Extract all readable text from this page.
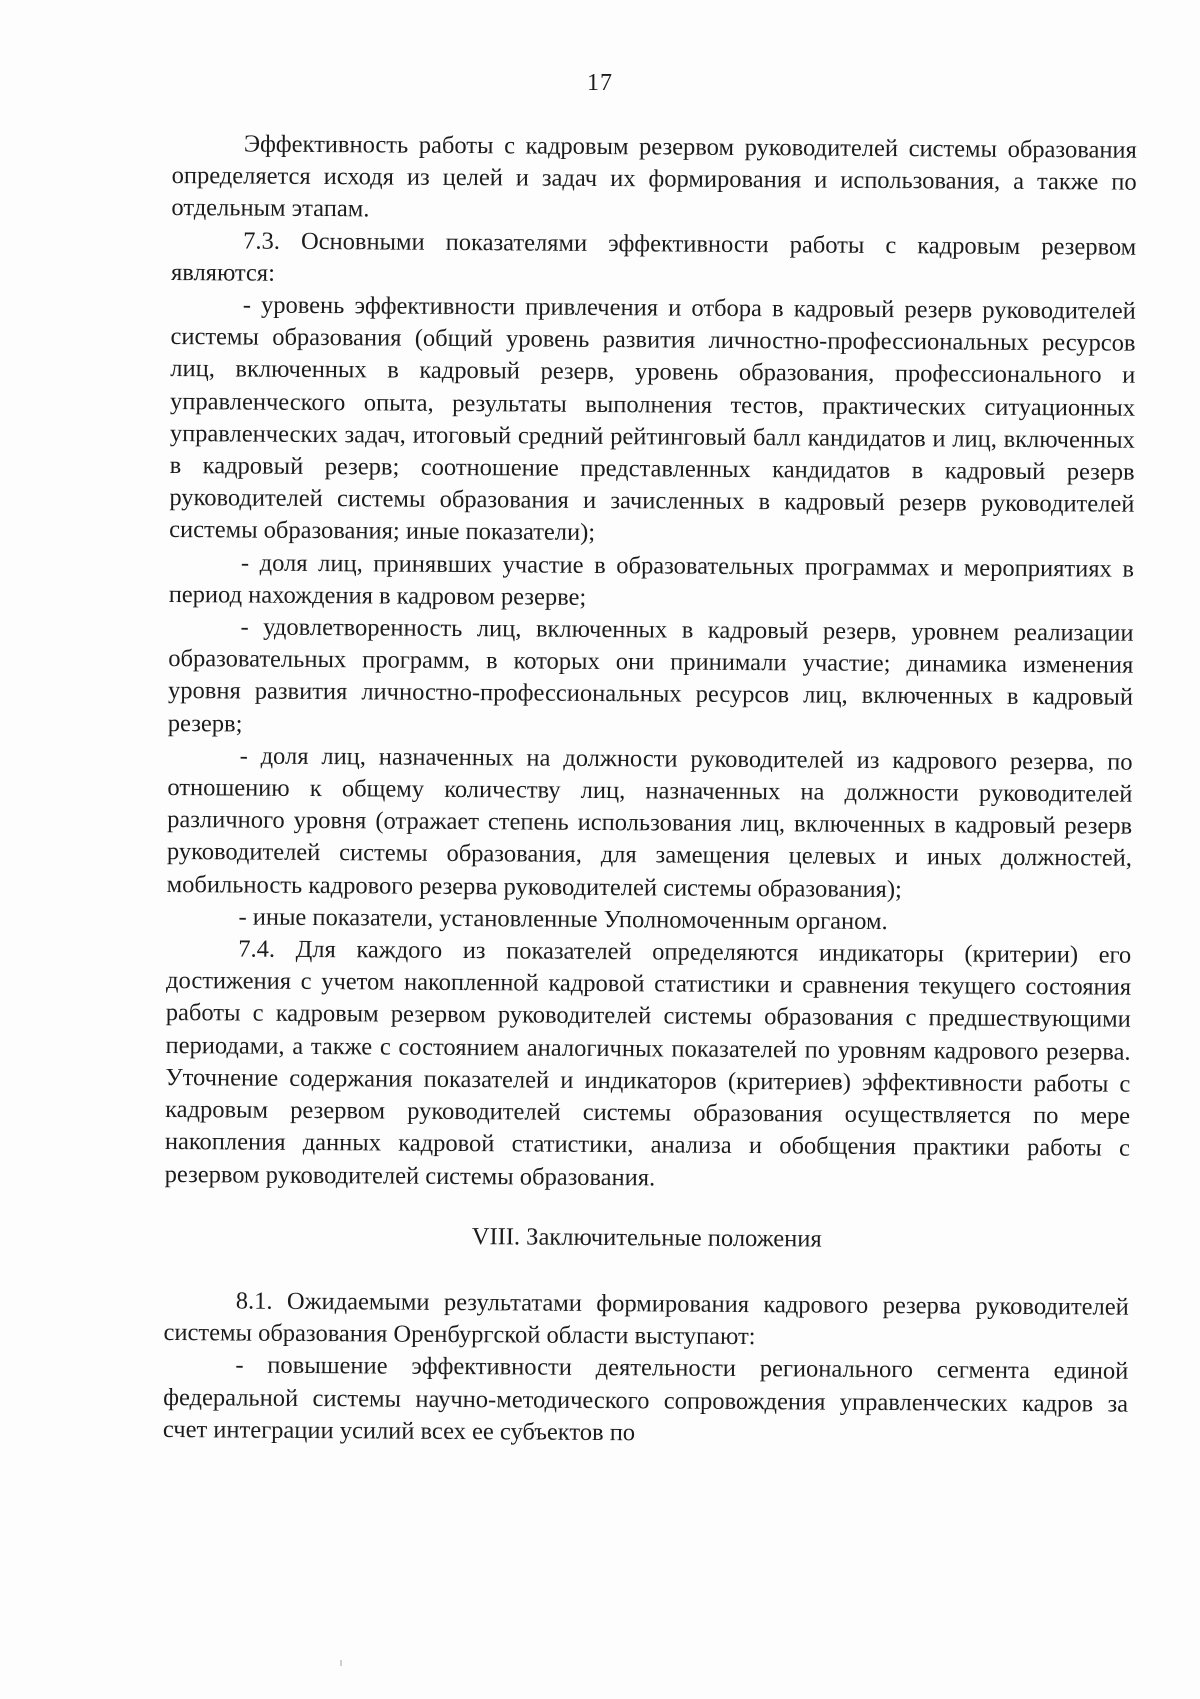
17

Эффективность работы с кадровым резервом руководителей системы образования определяется исходя из целей и задач их формирования и использования, а также по отдельным этапам.

7.3. Основными показателями эффективности работы с кадровым резервом являются:

- уровень эффективности привлечения и отбора в кадровый резерв руководителей системы образования (общий уровень развития личностно-профессиональных ресурсов лиц, включенных в кадровый резерв, уровень образования, профессионального и управленческого опыта, результаты выполнения тестов, практических ситуационных управленческих задач, итоговый средний рейтинговый балл кандидатов и лиц, включенных в кадровый резерв; соотношение представленных кандидатов в кадровый резерв руководителей системы образования и зачисленных в кадровый резерв руководителей системы образования; иные показатели);

- доля лиц, принявших участие в образовательных программах и мероприятиях в период нахождения в кадровом резерве;

- удовлетворенность лиц, включенных в кадровый резерв, уровнем реализации образовательных программ, в которых они принимали участие; динамика изменения уровня развития личностно-профессиональных ресурсов лиц, включенных в кадровый резерв;

- доля лиц, назначенных на должности руководителей из кадрового резерва, по отношению к общему количеству лиц, назначенных на должности руководителей различного уровня (отражает степень использования лиц, включенных в кадровый резерв руководителей системы образования, для замещения целевых и иных должностей, мобильность кадрового резерва руководителей системы образования);

- иные показатели, установленные Уполномоченным органом.

7.4. Для каждого из показателей определяются индикаторы (критерии) его достижения с учетом накопленной кадровой статистики и сравнения текущего состояния работы с кадровым резервом руководителей системы образования с предшествующими периодами, а также с состоянием аналогичных показателей по уровням кадрового резерва. Уточнение содержания показателей и индикаторов (критериев) эффективности работы с кадровым резервом руководителей системы образования осуществляется по мере накопления данных кадровой статистики, анализа и обобщения практики работы с резервом руководителей системы образования.

VIII. Заключительные положения

8.1. Ожидаемыми результатами формирования кадрового резерва руководителей системы образования Оренбургской области выступают:

- повышение эффективности деятельности регионального сегмента единой федеральной системы научно-методического сопровождения управленческих кадров за счет интеграции усилий всех ее субъектов по
